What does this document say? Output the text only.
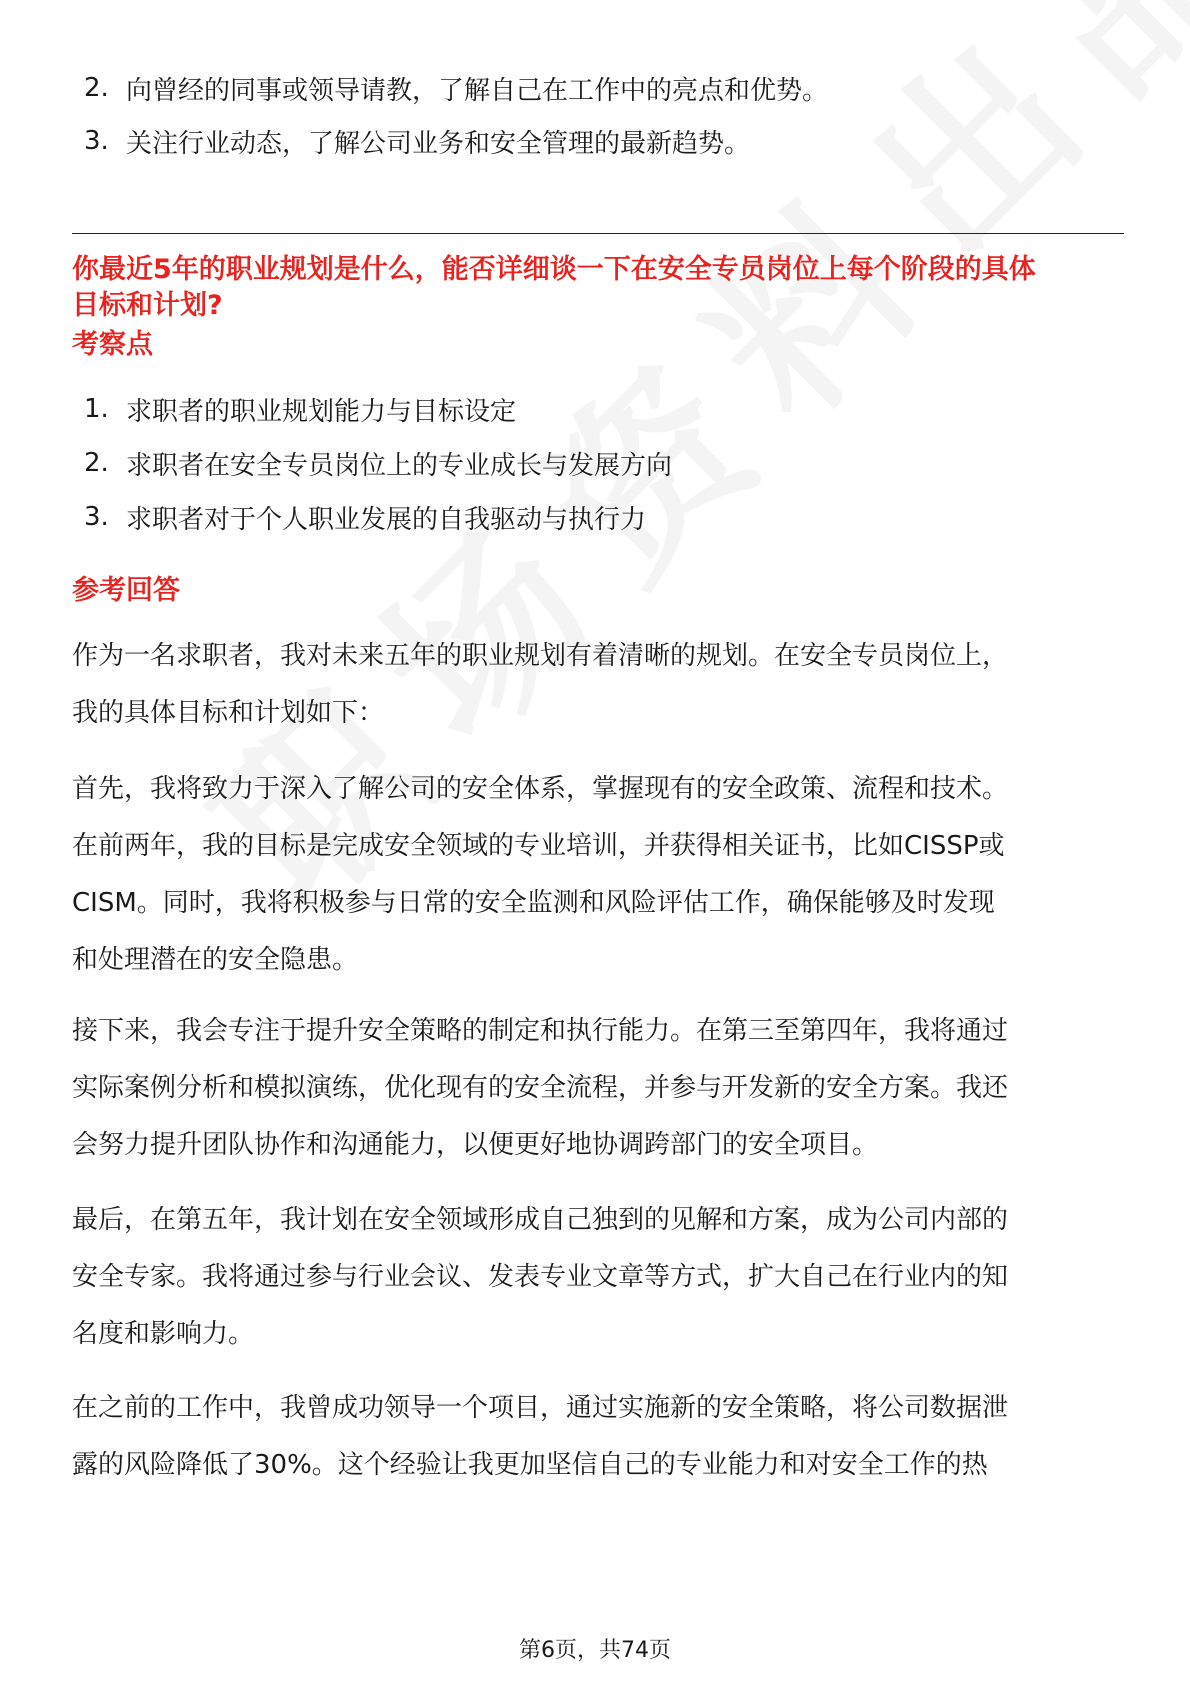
2. 向曾经的同事或领导请教，了解自己在工作中的亮点和优势。
3. 关注行业动态，了解公司业务和安全管理的最新趋势。
你最近5年的职业规划是什么，能否详细谈一下在安全专员岗位上每个阶段的具体
目标和计划?
考察点
1. 求职者的职业规划能力与目标设定
2. 求职者在安全专员岗位上的专业成长与发展方向
3. 求职者对于个人职业发展的自我驱动与执行力
参考回答

作为一名求职者，我对未来五年的职业规划有着清晰的规划。在安全专员岗位上，
我的具体目标和计划如下：

首先，我将致力于深入了解公司的安全体系，掌握现有的安全政策、流程和技术。
在前两年，我的目标是完成安全领域的专业培训，并获得相关证书，比如CISSP或
CISM。同时，我将积极参与日常的安全监测和风险评估工作，确保能够及时发现
和处理潜在的安全隐患。

接下来，我会专注于提升安全策略的制定和执行能力。在第三至第四年，我将通过
实际案例分析和模拟演练，优化现有的安全流程，并参与开发新的安全方案。我还
会努力提升团队协作和沟通能力，以便更好地协调跨部门的安全项目。

最后，在第五年，我计划在安全领域形成自己独到的见解和方案，成为公司内部的
安全专家。我将通过参与行业会议、发表专业文章等方式，扩大自己在行业内的知
名度和影响力。

在之前的工作中，我曾成功领导一个项目，通过实施新的安全策略，将公司数据泄
露的风险降低了30%。这个经验让我更加坚信自己的专业能力和对安全工作的热

第6页，共74页
